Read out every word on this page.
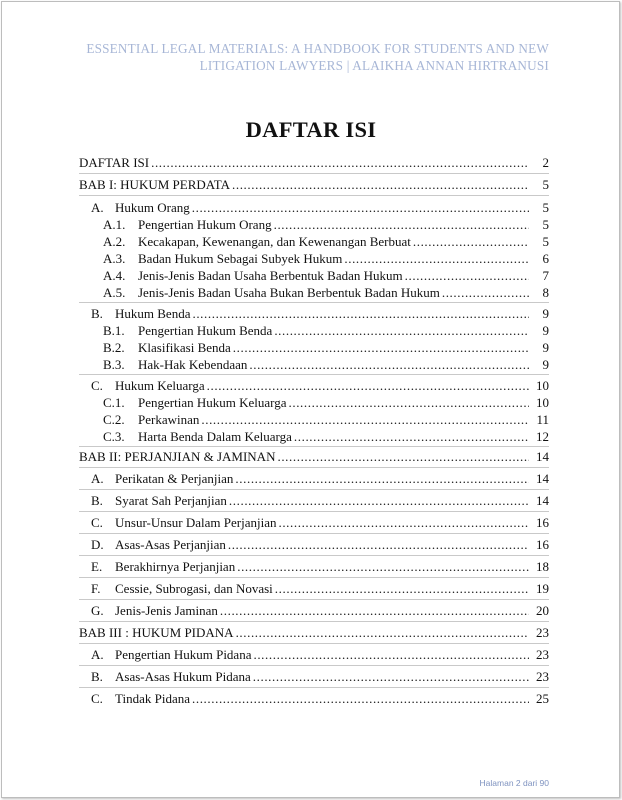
ESSENTIAL LEGAL MATERIALS: A HANDBOOK FOR STUDENTS AND NEW
LITIGATION LAWYERS | ALAIKHA ANNAN HIRTRANUSI
DAFTAR ISI
DAFTAR ISI .....	2
BAB I: HUKUM PERDATA .....	5
A. Hukum Orang .....	5
A.1. Pengertian Hukum Orang .....	5
A.2. Kecakapan, Kewenangan, dan Kewenangan Berbuat .....	5
A.3. Badan Hukum Sebagai Subyek Hukum .....	6
A.4. Jenis-Jenis Badan Usaha Berbentuk Badan Hukum .....	7
A.5. Jenis-Jenis Badan Usaha Bukan Berbentuk Badan Hukum .....	8
B. Hukum Benda .....	9
B.1.	Pengertian Hukum Benda .....	9
B.2.	Klasifikasi Benda .....	9
B.3.	Hak-Hak Kebendaan .....	9
C. Hukum Keluarga .....	10
C.1.	Pengertian Hukum Keluarga .....	10
C.2.	Perkawinan .....	11
C.3.	Harta Benda Dalam Keluarga .....	12
BAB II: PERJANJIAN & JAMINAN .....	14
A. Perikatan & Perjanjian .....	14
B. Syarat Sah Perjanjian .....	14
C. Unsur-Unsur Dalam Perjanjian .....	16
D. Asas-Asas Perjanjian .....	16
E. Berakhirnya Perjanjian .....	18
F.	Cessie, Subrogasi, dan Novasi .....	19
G. Jenis-Jenis Jaminan .....	20
BAB III : HUKUM PIDANA .....	23
A. Pengertian Hukum Pidana .....	23
B. Asas-Asas Hukum Pidana .....	23
C. Tindak Pidana .....	25
Halaman 2 dari 90
